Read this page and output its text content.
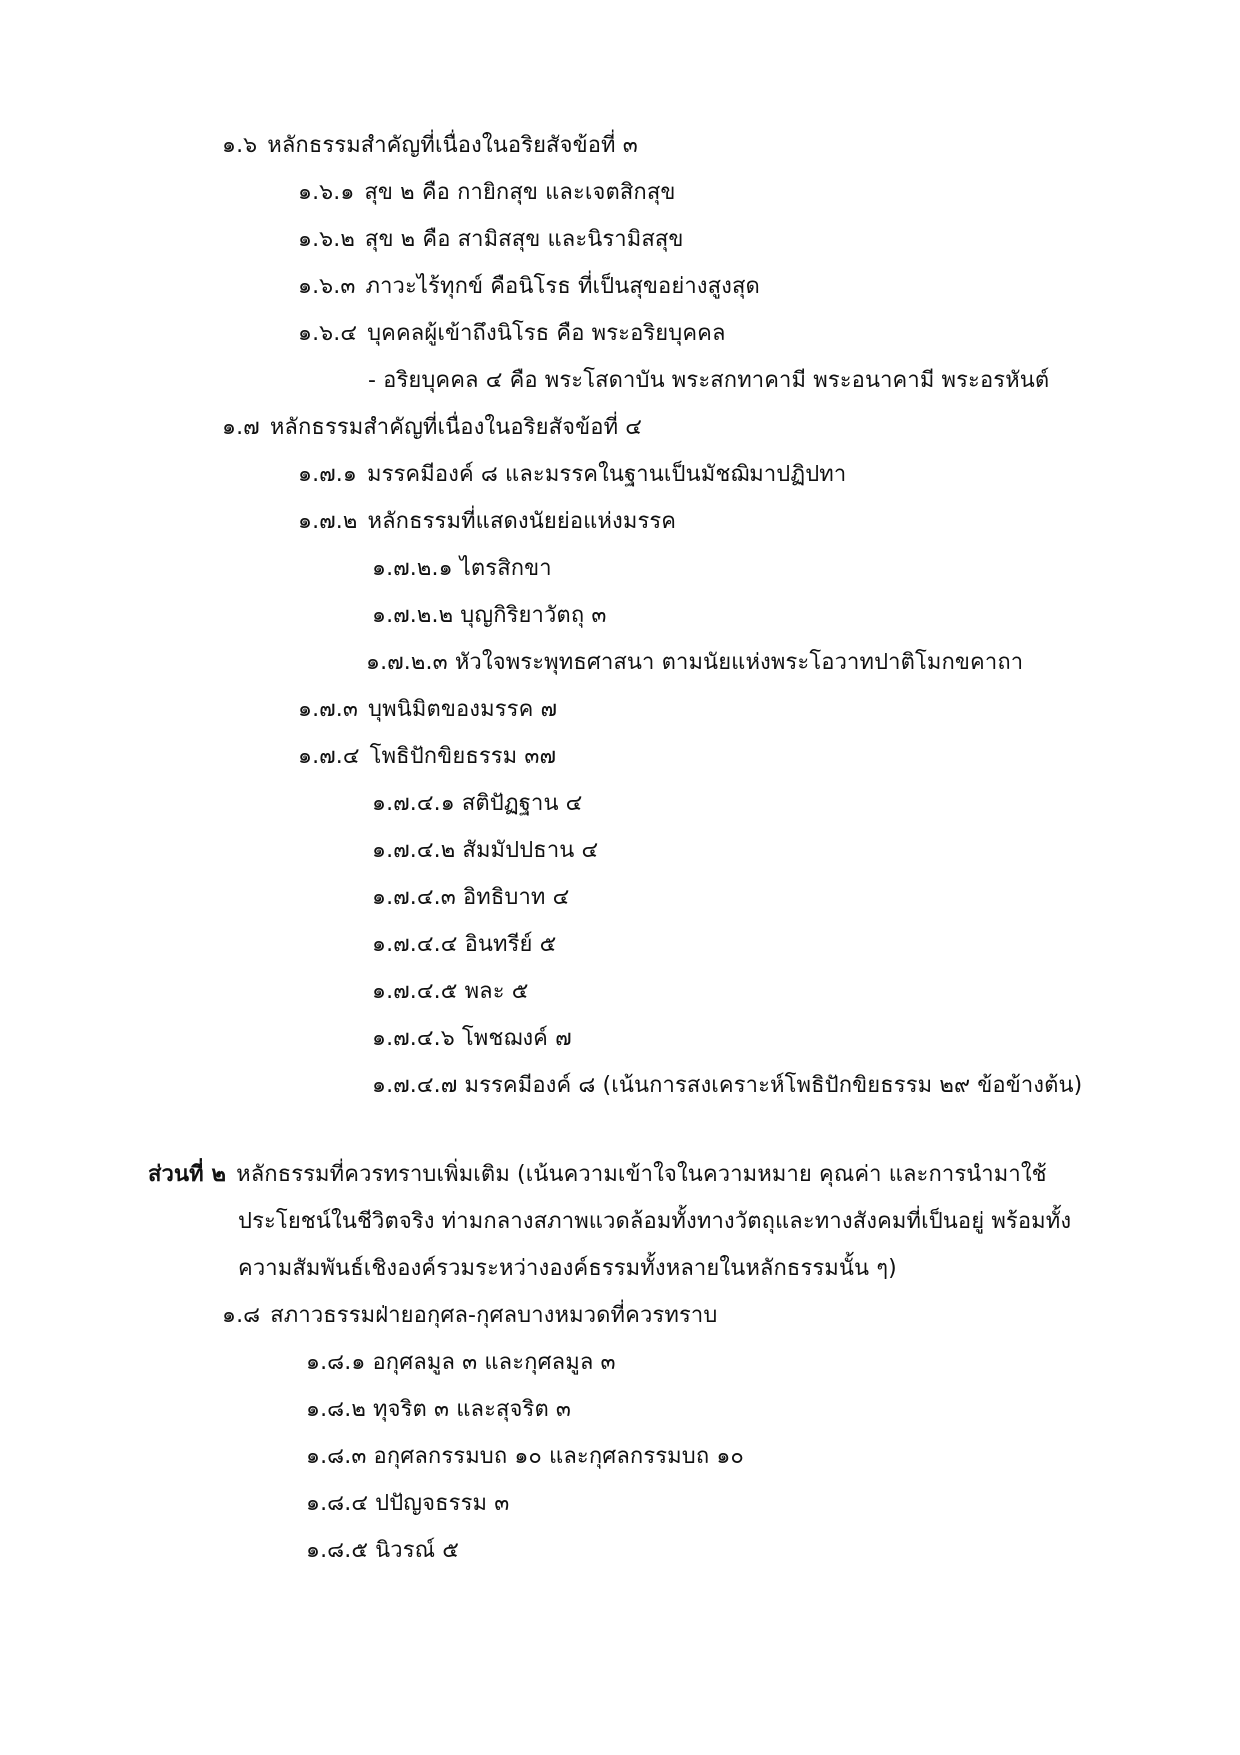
๑.๖ หลักธรรมสำคัญที่เนื่องในอริยสัจข้อที่ ๓
๑.๖.๑ สุข ๒ คือ กายิกสุข และเจตสิกสุข
๑.๖.๒ สุข ๒ คือ สามิสสุข และนิรามิสสุข
๑.๖.๓ ภาวะไร้ทุกข์ คือนิโรธ ที่เป็นสุขอย่างสูงสุด
๑.๖.๔ บุคคลผู้เข้าถึงนิโรธ คือ พระอริยบุคคล
- อริยบุคคล ๔ คือ พระโสดาบัน พระสกทาคามี พระอนาคามี พระอรหันต์
๑.๗ หลักธรรมสำคัญที่เนื่องในอริยสัจข้อที่ ๔
๑.๗.๑ มรรคมีองค์ ๘ และมรรคในฐานเป็นมัชฌิมาปฏิปทา
๑.๗.๒ หลักธรรมที่แสดงนัยย่อแห่งมรรค
๑.๗.๒.๑ ไตรสิกขา
๑.๗.๒.๒ บุญกิริยาวัตถุ ๓
๑.๗.๒.๓ หัวใจพระพุทธศาสนา ตามนัยแห่งพระโอวาทปาติโมกขคาถา
๑.๗.๓ บุพนิมิตของมรรค ๗
๑.๗.๔ โพธิปักขิยธรรม ๓๗
๑.๗.๔.๑ สติปัฏฐาน ๔
๑.๗.๔.๒ สัมมัปปธาน ๔
๑.๗.๔.๓ อิทธิบาท ๔
๑.๗.๔.๔ อินทรีย์ ๕
๑.๗.๔.๕ พละ ๕
๑.๗.๔.๖ โพชฌงค์ ๗
๑.๗.๔.๗ มรรคมีองค์ ๘ (เน้นการสงเคราะห์โพธิปักขิยธรรม ๒๙ ข้อข้างต้น)
ส่วนที่ ๒ หลักธรรมที่ควรทราบเพิ่มเติม (เน้นความเข้าใจในความหมาย คุณค่า และการนำมาใช้
ประโยชน์ในชีวิตจริง ท่ามกลางสภาพแวดล้อมทั้งทางวัตถุและทางสังคมที่เป็นอยู่ พร้อมทั้ง
ความสัมพันธ์เชิงองค์รวมระหว่างองค์ธรรมทั้งหลายในหลักธรรมนั้น ๆ)
๑.๘ สภาวธรรมฝ่ายอกุศล-กุศลบางหมวดที่ควรทราบ
๑.๘.๑ อกุศลมูล ๓ และกุศลมูล ๓
๑.๘.๒ ทุจริต ๓ และสุจริต ๓
๑.๘.๓ อกุศลกรรมบถ ๑๐ และกุศลกรรมบถ ๑๐
๑.๘.๔ ปปัญจธรรม ๓
๑.๘.๕ นิวรณ์ ๕
